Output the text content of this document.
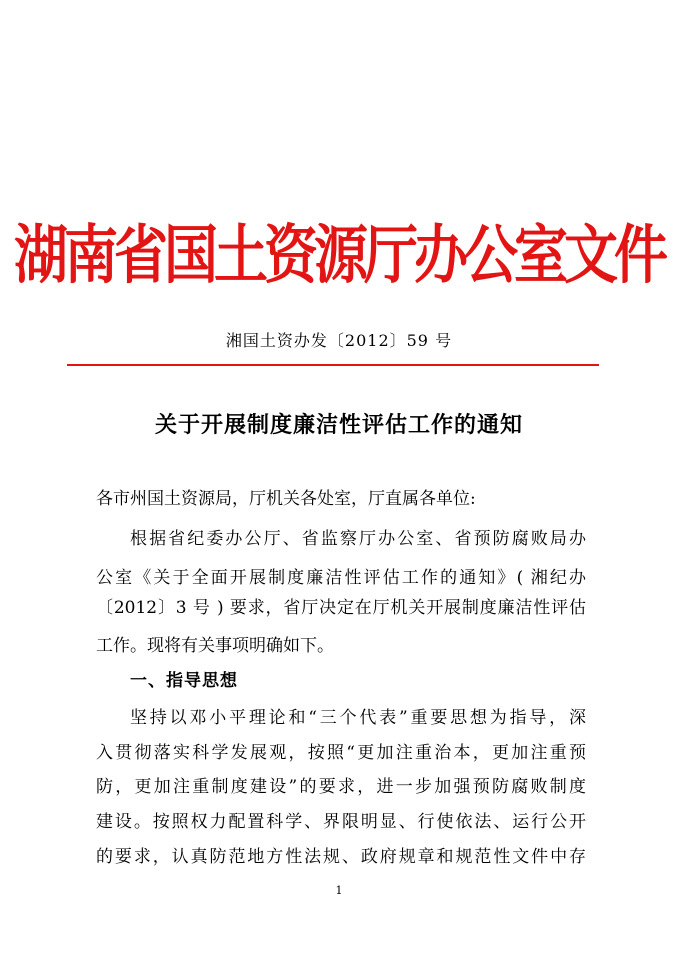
湖南省国土资源厅办公室文件
湘国土资办发〔2012〕59 号
关于开展制度廉洁性评估工作的通知
各市州国土资源局，厅机关各处室，厅直属各单位:
根据省纪委办公厅、省监察厅办公室、省预防腐败局办
公室《关于全面开展制度廉洁性评估工作的通知》( 湘纪办
〔2012〕3 号 ) 要求，省厅决定在厅机关开展制度廉洁性评估
工作。现将有关事项明确如下。
一、指导思想
坚持以邓小平理论和“三个代表”重要思想为指导，深
入贯彻落实科学发展观，按照“更加注重治本，更加注重预
防，更加注重制度建设”的要求，进一步加强预防腐败制度
建设。按照权力配置科学、界限明显、行使依法、运行公开
的要求，认真防范地方性法规、政府规章和规范性文件中存
1
